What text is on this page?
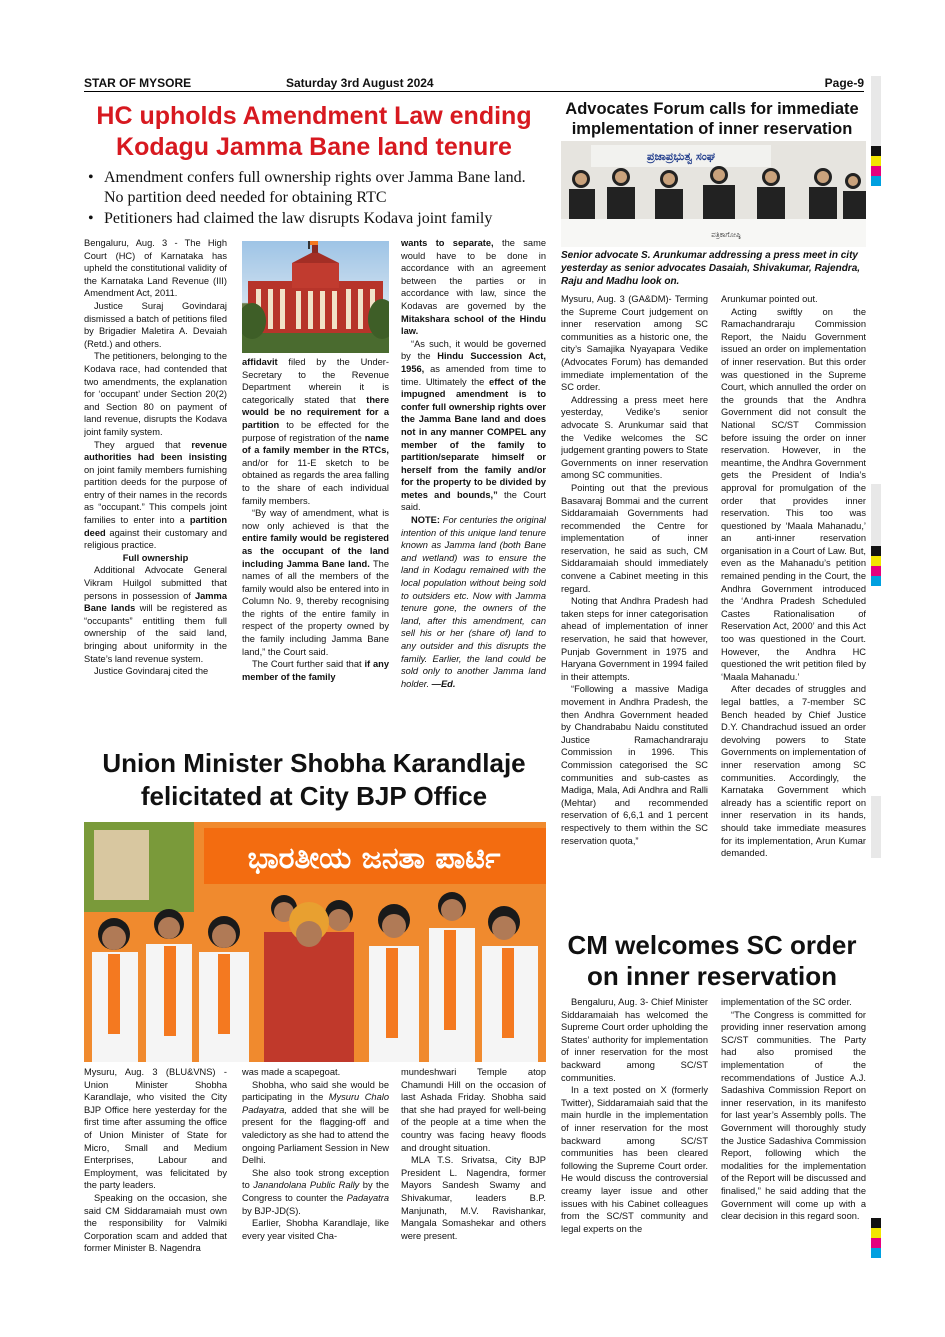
STAR OF MYSORE	Saturday 3rd August 2024	Page-9
HC upholds Amendment Law ending
Kodagu Jamma Bane land tenure
• Amendment confers full ownership rights over Jamma Bane land. No partition deed needed for obtaining RTC
• Petitioners had claimed the law disrupts Kodava joint family

Bengaluru, Aug. 3 - The High Court (HC) of Karnataka has upheld the constitutional validity of the Karnataka Land Revenue (III) Amendment Act, 2011.

Justice Suraj Govindaraj dismissed a batch of petitions filed by Brigadier Maletira A. Devaiah (Retd.) and others.

The petitioners, belonging to the Kodava race, had contended that two amendments, the explanation for ‘occupant’ under Section 20(2) and Section 80 on payment of land revenue, disrupts the Kodava joint family system.

They argued that revenue authorities had been insisting on joint family members furnishing partition deeds for the purpose of entry of their names in the records as “occupant.” This compels joint families to enter into a partition deed against their customary and religious practice.

Full ownership

Additional Advocate General Vikram Huilgol submitted that persons in possession of Jamma Bane lands will be registered as “occupants” entitling them full ownership of the said land, bringing about uniformity in the State’s land revenue system.

Justice Govindaraj cited the

affidavit filed by the Under-Secretary to the Revenue Department wherein it is categorically stated that there would be no requirement for a partition to be effected for the purpose of registration of the name of a family member in the RTCs, and/or for 11-E sketch to be obtained as regards the area falling to the share of each individual family members.

“By way of amendment, what is now only achieved is that the entire family would be registered as the occupant of the land including Jamma Bane land. The names of all the members of the family would also be entered into in Column No. 9, thereby recognising the rights of the entire family in respect of the property owned by the family including Jamma Bane land,” the Court said.

The Court further said that if any member of the family

wants to separate, the same would have to be done in accordance with an agreement between the parties or in accordance with law, since the Kodavas are governed by the Mitakshara school of the Hindu law.

“As such, it would be governed by the Hindu Succession Act, 1956, as amended from time to time. Ultimately the effect of the impugned amendment is to confer full ownership rights over the Jamma Bane land and does not in any manner COMPEL any member of the family to partition/separate himself or herself from the family and/or for the property to be divided by metes and bounds,” the Court said.

NOTE: For centuries the original intention of this unique land tenure known as Jamma land (both Bane and wetland) was to ensure the land in Kodagu remained with the local population without being sold to outsiders etc. Now with Jamma tenure gone, the owners of the land, after this amendment, can sell his or her (share of) land to any outsider and this disrupts the family. Earlier, the land could be sold only to another Jamma land holder. —Ed.

Advocates Forum calls for immediate
implementation of inner reservation
ಪ್ರಜಾಪ್ರಭುತ್ವ ಸಂಘ
ಪತ್ರಿಕಾಗೋಷ್ಠಿ
Senior advocate S. Arunkumar addressing a press meet in city yesterday as senior advocates Dasaiah, Shivakumar, Rajendra, Raju and Madhu look on.

Mysuru, Aug. 3 (GA&DM)- Terming the Supreme Court judgement on inner reservation among SC communities as a historic one, the city’s Samajika Nyayapara Vedike (Advocates Forum) has demanded immediate implementation of the SC order.

Addressing a press meet here yesterday, Vedike’s senior advocate S. Arunkumar said that the Vedike welcomes the SC judgement granting powers to State Governments on inner reservation among SC communities.

Pointing out that the previous Basavaraj Bommai and the current Siddaramaiah Governments had recommended the Centre for implementation of inner reservation, he said as such, CM Siddaramaiah should immediately convene a Cabinet meeting in this regard.

Noting that Andhra Pradesh had taken steps for inner categorisation ahead of implementation of inner reservation, he said that however, Punjab Government in 1975 and Haryana Government in 1994 failed in their attempts.

“Following a massive Madiga movement in Andhra Pradesh, the then Andhra Government headed by Chandrababu Naidu constituted Justice Ramachandraraju Commission in 1996. This Commission categorised the SC communities and sub-castes as Madiga, Mala, Adi Andhra and Ralli (Mehtar) and recommended reservation of 6,6,1 and 1 percent respectively to them within the SC reservation quota,”

Arunkumar pointed out.

Acting swiftly on the Ramachandraraju Commission Report, the Naidu Government issued an order on implementation of inner reservation. But this order was questioned in the Supreme Court, which annulled the order on the grounds that the Andhra Government did not consult the National SC/ST Commission before issuing the order on inner reservation. However, in the meantime, the Andhra Government gets the President of India’s approval for promulgation of the order that provides inner reservation. This too was questioned by ‘Maala Mahanadu,’ an anti-inner reservation organisation in a Court of Law. But, even as the Mahanadu’s petition remained pending in the Court, the Andhra Government introduced the ‘Andhra Pradesh Scheduled Castes Rationalisation of Reservation Act, 2000’ and this Act too was questioned in the Court. However, the Andhra HC questioned the writ petition filed by ‘Maala Mahanadu.’

After decades of struggles and legal battles, a 7-member SC Bench headed by Chief Justice D.Y. Chandrachud issued an order devolving powers to State Governments on implementation of inner reservation among SC communities. Accordingly, the Karnataka Government which already has a scientific report on inner reservation in its hands, should take immediate measures for its implementation, Arun Kumar demanded.

Union Minister Shobha Karandlaje
felicitated at City BJP Office
ಭಾರತೀಯ ಜನತಾ ಪಾರ್ಟಿ

Mysuru, Aug. 3 (BLU&VNS) - Union Minister Shobha Karandlaje, who visited the City BJP Office here yesterday for the first time after assuming the office of Union Minister of State for Micro, Small and Medium Enterprises, Labour and Employment, was felicitated by the party leaders.

Speaking on the occasion, she said CM Siddaramaiah must own the responsibility for Valmiki Corporation scam and added that former Minister B. Nagendra

was made a scapegoat.

Shobha, who said she would be participating in the Mysuru Chalo Padayatra, added that she will be present for the flagging-off and valedictory as she had to attend the ongoing Parliament Session in New Delhi.

She also took strong exception to Janandolana Public Rally by the Congress to counter the Padayatra by BJP-JD(S).

Earlier, Shobha Karandlaje, like every year visited Cha-

mundeshwari Temple atop Chamundi Hill on the occasion of last Ashada Friday. Shobha said that she had prayed for well-being of the people at a time when the country was facing heavy floods and drought situation.

MLA T.S. Srivatsa, City BJP President L. Nagendra, former Mayors Sandesh Swamy and Shivakumar, leaders B.P. Manjunath, M.V. Ravishankar, Mangala Somashekar and others were present.

CM welcomes SC order
on inner reservation

Bengaluru, Aug. 3- Chief Minister Siddaramaiah has welcomed the Supreme Court order upholding the States’ authority for implementation of inner reservation for the most backward among SC/ST communities.

In a text posted on X (formerly Twitter), Siddaramaiah said that the main hurdle in the implementation of inner reservation for the most backward among SC/ST communities has been cleared following the Supreme Court order. He would discuss the controversial creamy layer issue and other issues with his Cabinet colleagues from the SC/ST community and legal experts on the

implementation of the SC order.

“The Congress is committed for providing inner reservation among SC/ST communities. The Party had also promised the implementation of the recommendations of Justice A.J. Sadashiva Commission Report on inner reservation, in its manifesto for last year’s Assembly polls. The Government will thoroughly study the Justice Sadashiva Commission Report, following which the modalities for the implementation of the Report will be discussed and finalised,” he said adding that the Government will come up with a clear decision in this regard soon.
